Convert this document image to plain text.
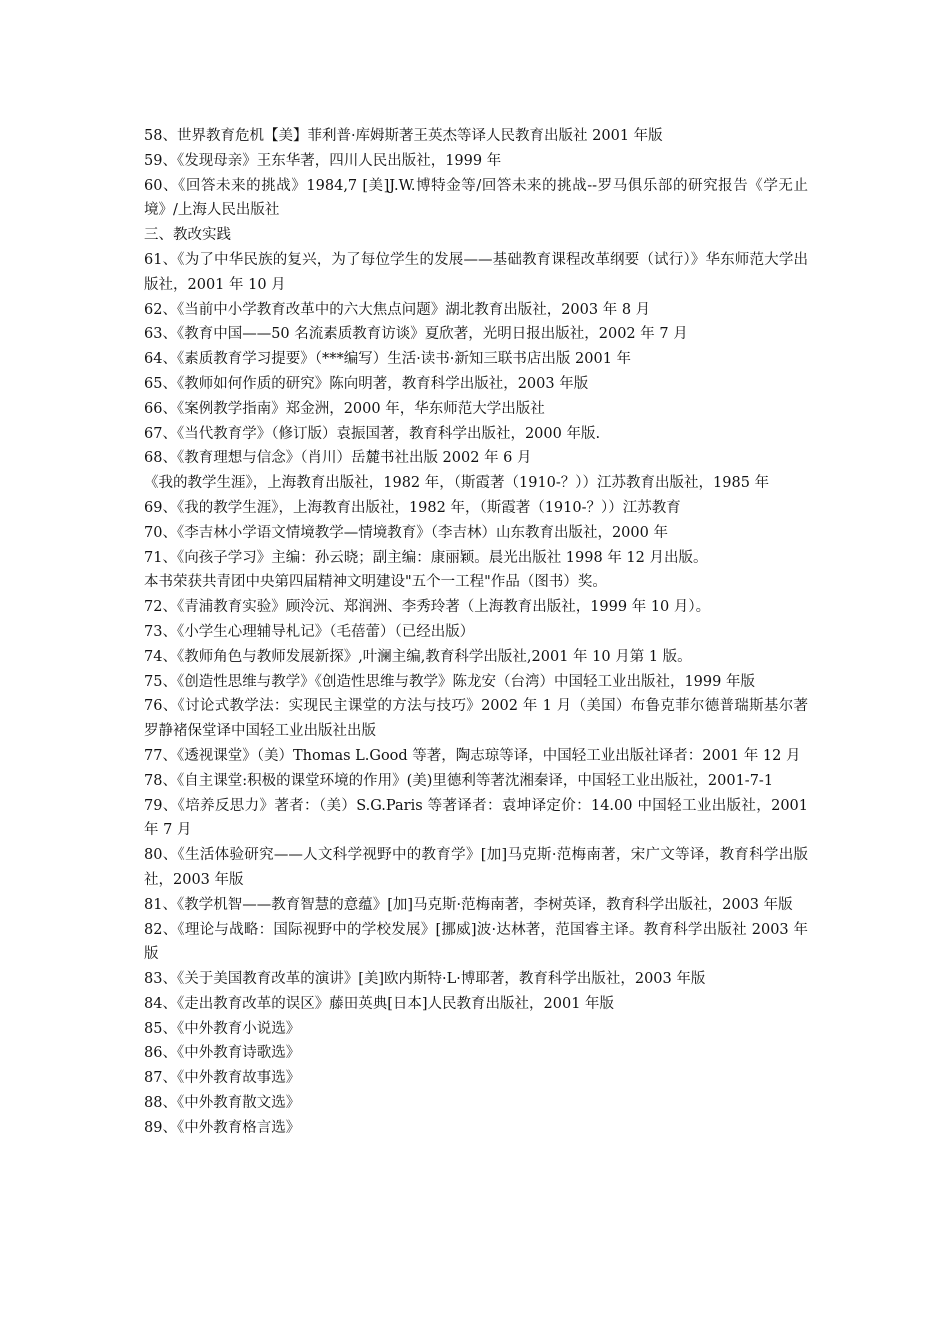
58、世界教育危机【美】菲利普·库姆斯著王英杰等译人民教育出版社 2001 年版

59、《发现母亲》王东华著，四川人民出版社，1999 年

60、《回答未来的挑战》1984,7 [美]J.W.博特金等/回答未来的挑战--罗马俱乐部的研究报告《学无止境》/上海人民出版社

三、教改实践

61、《为了中华民族的复兴，为了每位学生的发展——基础教育课程改革纲要（试行）》华东师范大学出版社，2001 年 10 月

62、《当前中小学教育改革中的六大焦点问题》湖北教育出版社，2003 年 8 月

63、《教育中国——50 名流素质教育访谈》夏欣著，光明日报出版社，2002 年 7 月

64、《素质教育学习提要》（***编写）生活·读书·新知三联书店出版 2001 年

65、《教师如何作质的研究》陈向明著，教育科学出版社，2003 年版

66、《案例教学指南》郑金洲，2000 年，华东师范大学出版社

67、《当代教育学》（修订版）袁振国著，教育科学出版社，2000 年版.

68、《教育理想与信念》（肖川）岳麓书社出版 2002 年 6 月

《我的教学生涯》，上海教育出版社，1982 年，（斯霞著（1910-？））江苏教育出版社，1985 年

69、《我的教学生涯》，上海教育出版社，1982 年，（斯霞著（1910-？））江苏教育

70、《李吉林小学语文情境教学—情境教育》（李吉林）山东教育出版社，2000 年

71、《向孩子学习》主编：孙云晓；副主编：康丽颖。晨光出版社 1998 年 12 月出版。

本书荣获共青团中央第四届精神文明建设"五个一工程"作品（图书）奖。

72、《青浦教育实验》顾泠沅、郑润洲、李秀玲著（上海教育出版社，1999 年 10 月）。

73、《小学生心理辅导札记》（毛蓓蕾）（已经出版）

74、《教师角色与教师发展新探》,叶澜主编,教育科学出版社,2001 年 10 月第 1 版。

75、《创造性思维与教学》《创造性思维与教学》陈龙安（台湾）中国轻工业出版社，1999 年版

76、《讨论式教学法：实现民主课堂的方法与技巧》2002 年 1 月（美国）布鲁克菲尔德普瑞斯基尔著罗静褚保堂译中国轻工业出版社出版

77、《透视课堂》（美）Thomas L.Good 等著，陶志琼等译，中国轻工业出版社译者：2001 年 12 月

78、《自主课堂:积极的课堂环境的作用》(美)里德利等著沈湘秦译，中国轻工业出版社，2001-7-1

79、《培养反思力》著者：（美）S.G.Paris 等著译者：袁坤译定价：14.00 中国轻工业出版社，2001 年 7 月

80、《生活体验研究——人文科学视野中的教育学》[加]马克斯·范梅南著，宋广文等译，教育科学出版社，2003 年版

81、《教学机智——教育智慧的意蕴》[加]马克斯·范梅南著，李树英译，教育科学出版社，2003 年版

82、《理论与战略：国际视野中的学校发展》[挪威]波·达林著，范国睿主译。教育科学出版社 2003 年版

83、《关于美国教育改革的演讲》[美]欧内斯特·L·博耶著，教育科学出版社，2003 年版

84、《走出教育改革的误区》藤田英典[日本]人民教育出版社，2001 年版

85、《中外教育小说选》

86、《中外教育诗歌选》

87、《中外教育故事选》

88、《中外教育散文选》

89、《中外教育格言选》
